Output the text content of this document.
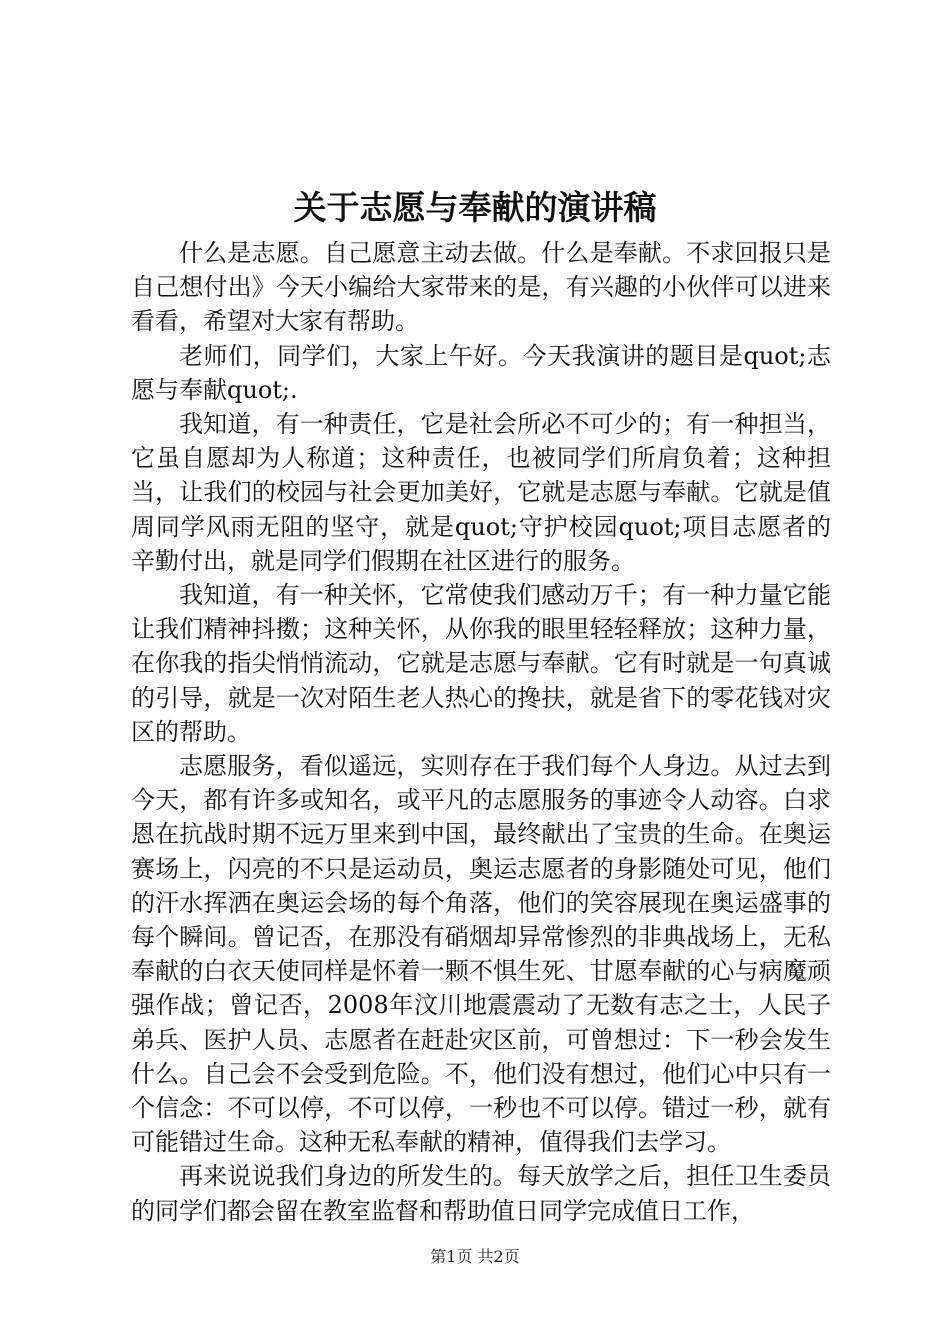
关于志愿与奉献的演讲稿

什么是志愿。自己愿意主动去做。什么是奉献。不求回报只是自己想付出》今天小编给大家带来的是，有兴趣的小伙伴可以进来看看，希望对大家有帮助。

老师们，同学们，大家上午好。今天我演讲的题目是quot;志愿与奉献quot;.

我知道，有一种责任，它是社会所必不可少的；有一种担当，它虽自愿却为人称道；这种责任，也被同学们所肩负着；这种担当，让我们的校园与社会更加美好，它就是志愿与奉献。它就是值周同学风雨无阻的坚守，就是quot;守护校园quot;项目志愿者的辛勤付出，就是同学们假期在社区进行的服务。

我知道，有一种关怀，它常使我们感动万千；有一种力量它能让我们精神抖擞；这种关怀，从你我的眼里轻轻释放；这种力量，在你我的指尖悄悄流动，它就是志愿与奉献。它有时就是一句真诚的引导，就是一次对陌生老人热心的搀扶，就是省下的零花钱对灾区的帮助。

志愿服务，看似遥远，实则存在于我们每个人身边。从过去到今天，都有许多或知名，或平凡的志愿服务的事迹令人动容。白求恩在抗战时期不远万里来到中国，最终献出了宝贵的生命。在奥运赛场上，闪亮的不只是运动员，奥运志愿者的身影随处可见，他们的汗水挥洒在奥运会场的每个角落，他们的笑容展现在奥运盛事的每个瞬间。曾记否，在那没有硝烟却异常惨烈的非典战场上，无私奉献的白衣天使同样是怀着一颗不惧生死、甘愿奉献的心与病魔顽强作战；曾记否，2008年汶川地震震动了无数有志之士，人民子弟兵、医护人员、志愿者在赶赴灾区前，可曾想过：下一秒会发生什么。自己会不会受到危险。不，他们没有想过，他们心中只有一个信念：不可以停，不可以停，一秒也不可以停。错过一秒，就有可能错过生命。这种无私奉献的精神，值得我们去学习。

再来说说我们身边的所发生的。每天放学之后，担任卫生委员的同学们都会留在教室监督和帮助值日同学完成值日工作，

第1页 共2页
